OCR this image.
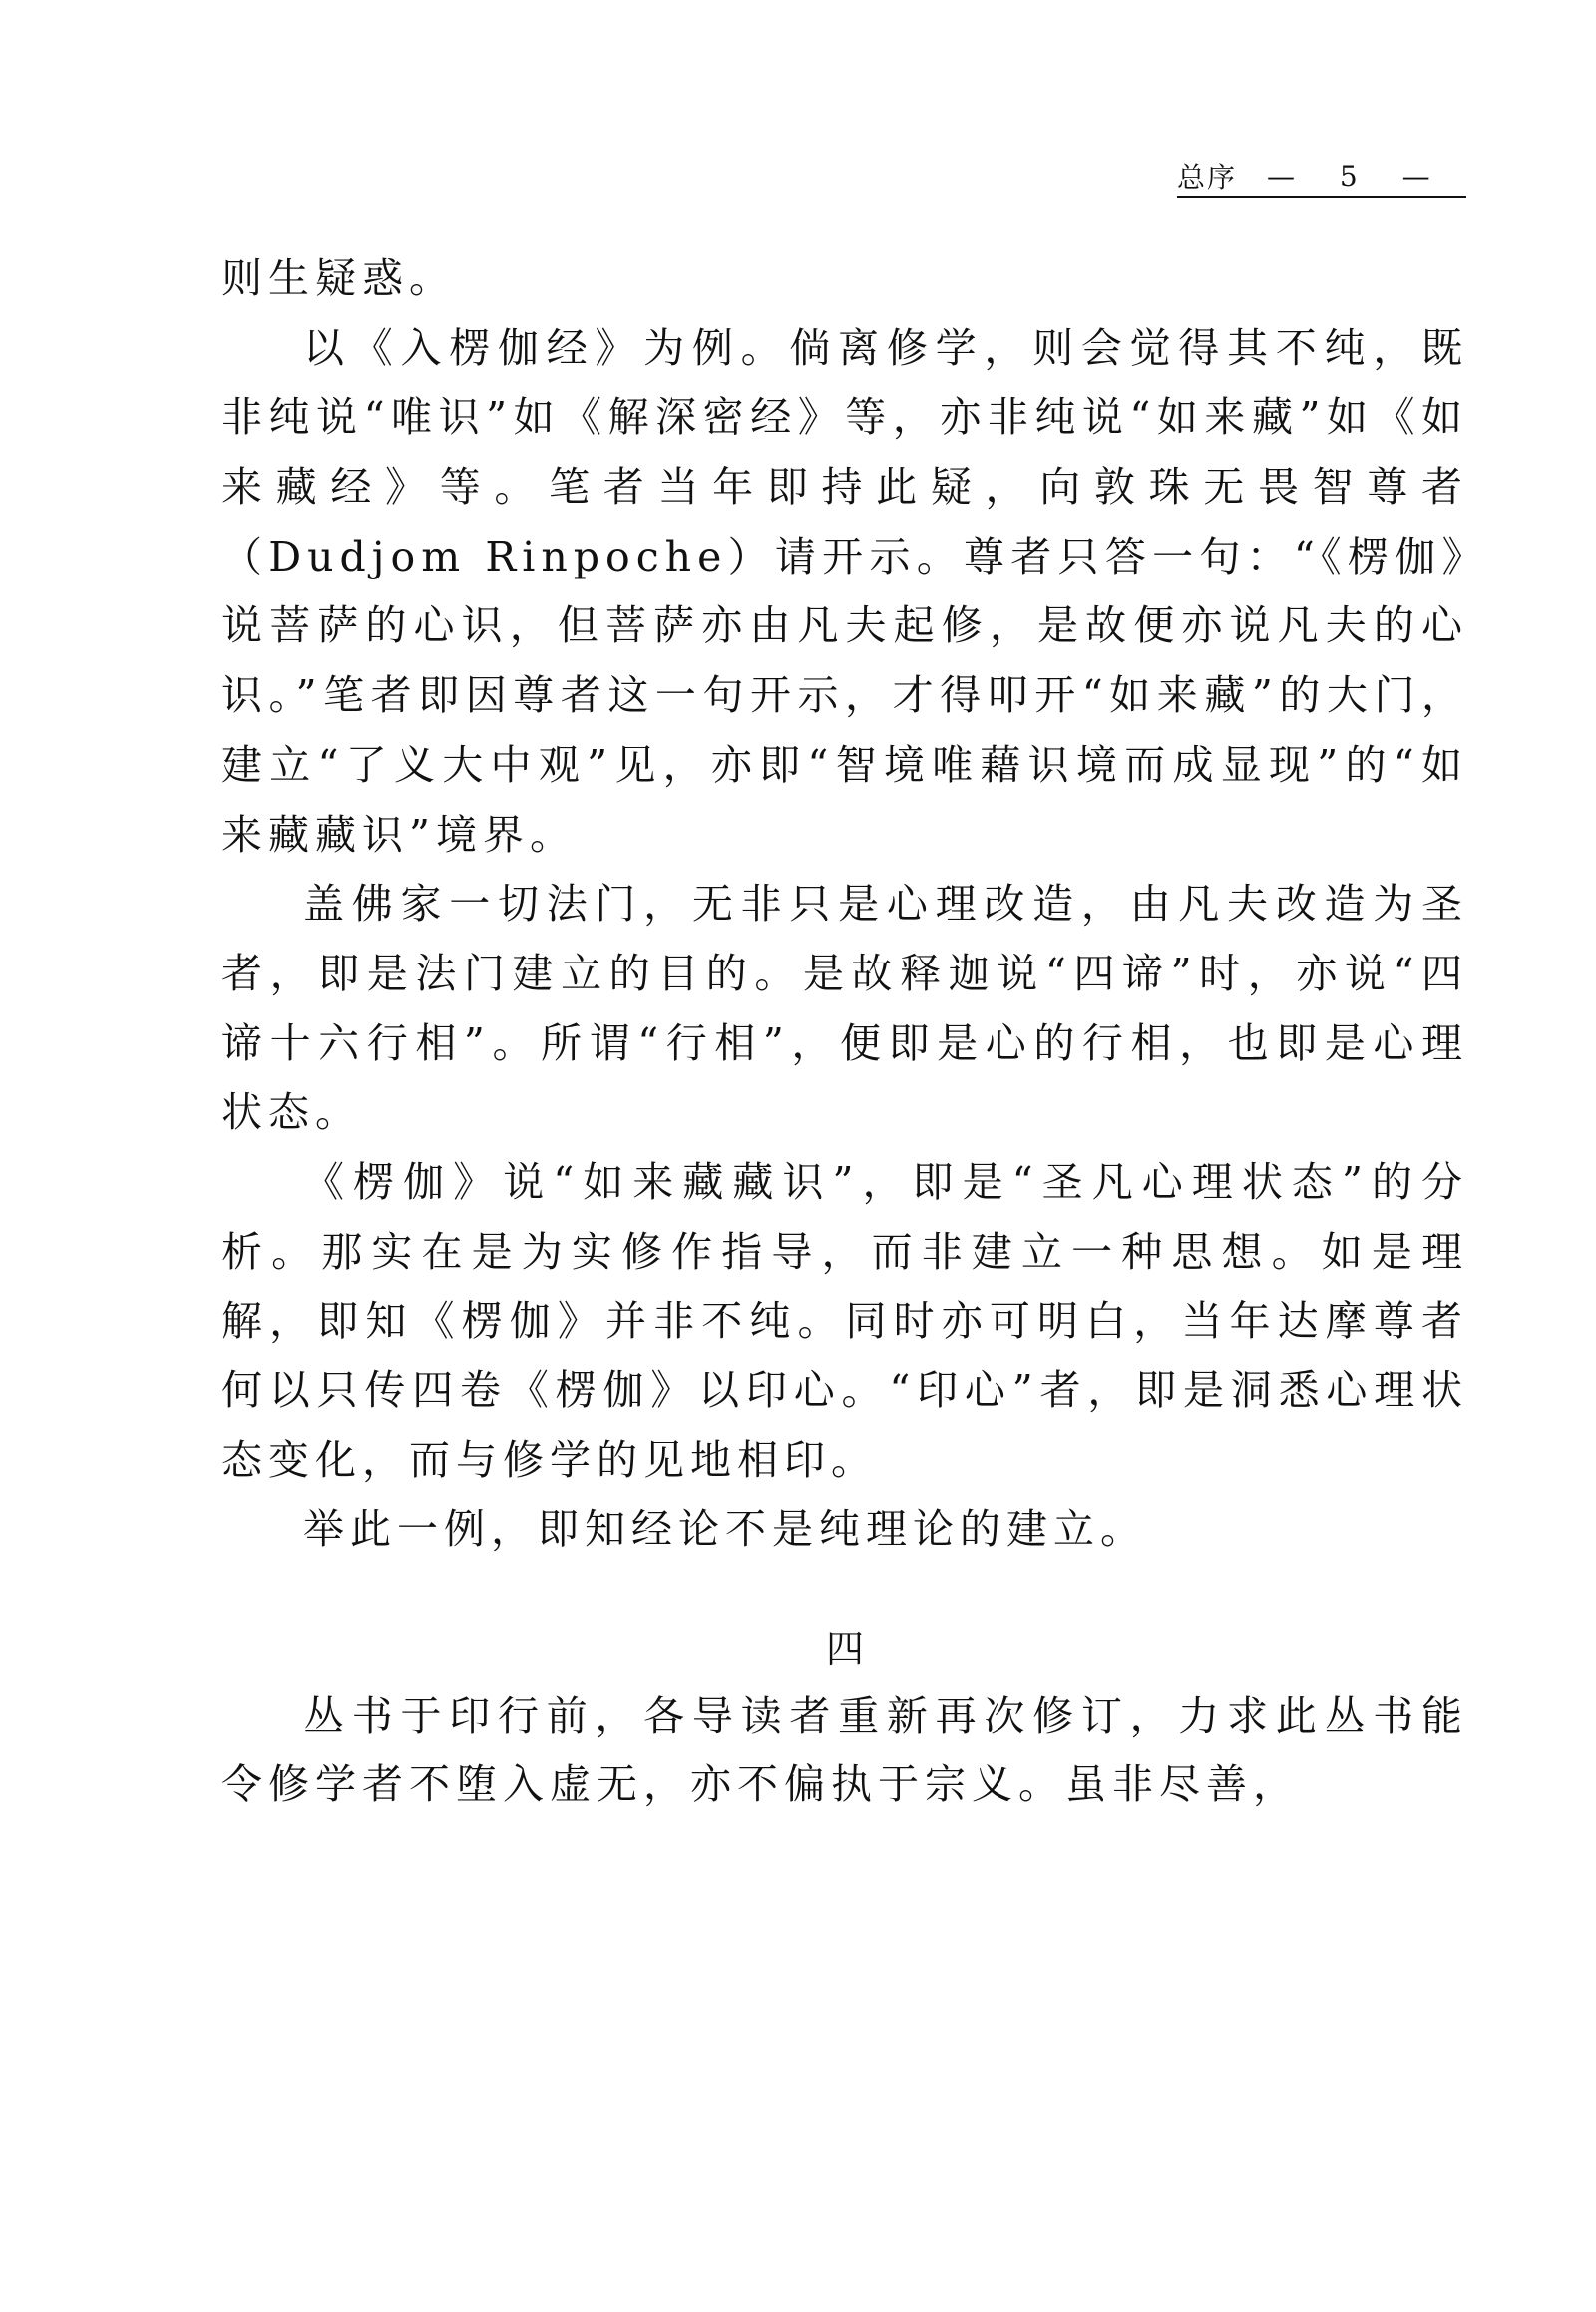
总序 — 5 —

则生疑惑。

以《入楞伽经》为例。倘离修学，则会觉得其不纯，既非纯说“唯识”如《解深密经》等，亦非纯说“如来藏”如《如来藏经》等。笔者当年即持此疑，向敦珠无畏智尊者（Dudjom Rinpoche）请开示。尊者只答一句：“《楞伽》说菩萨的心识，但菩萨亦由凡夫起修，是故便亦说凡夫的心识。”笔者即因尊者这一句开示，才得叩开“如来藏”的大门，建立“了义大中观”见，亦即“智境唯藉识境而成显现”的“如来藏藏识”境界。

盖佛家一切法门，无非只是心理改造，由凡夫改造为圣者，即是法门建立的目的。是故释迦说“四谛”时，亦说“四谛十六行相”。所谓“行相”，便即是心的行相，也即是心理状态。

《楞伽》说“如来藏藏识”，即是“圣凡心理状态”的分析。那实在是为实修作指导，而非建立一种思想。如是理解，即知《楞伽》并非不纯。同时亦可明白，当年达摩尊者何以只传四卷《楞伽》以印心。“印心”者，即是洞悉心理状态变化，而与修学的见地相印。

举此一例，即知经论不是纯理论的建立。

四

丛书于印行前，各导读者重新再次修订，力求此丛书能令修学者不堕入虚无，亦不偏执于宗义。虽非尽善，
